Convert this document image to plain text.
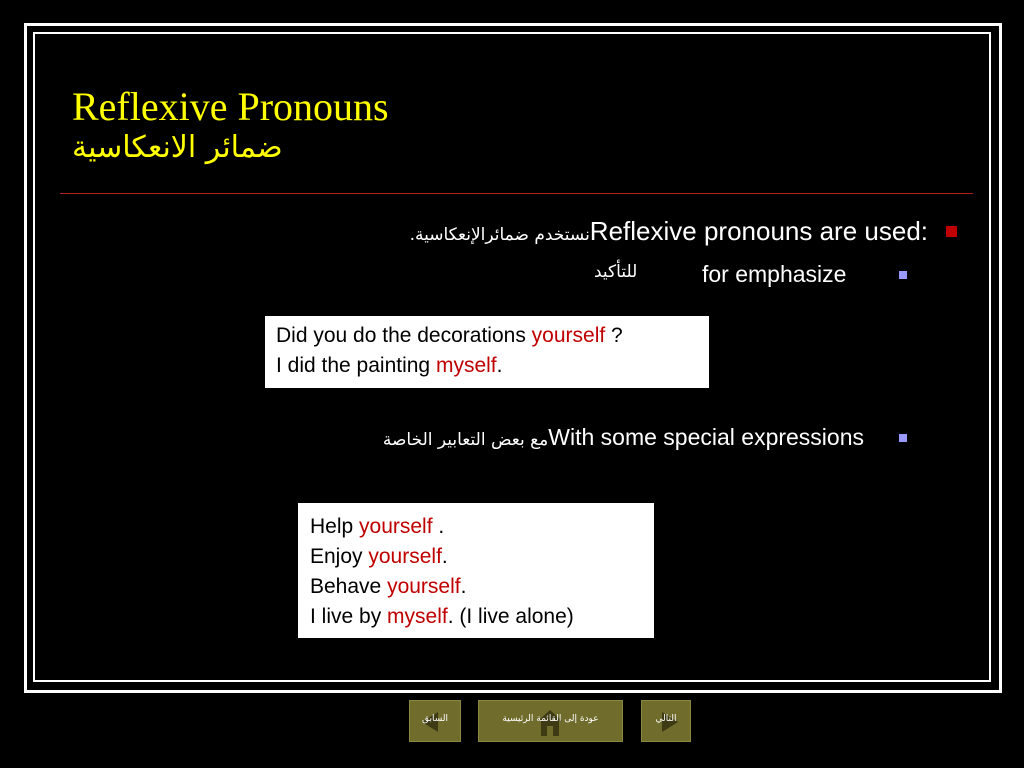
Reflexive Pronouns
ضمائر الانعكاسية
نستخدم ضمائرالإنعكاسية.Reflexive pronouns are used:
for emphasize
للتأكيد
Did you do the decorations yourself ?
I did the painting myself.
مع بعض التعابير الخاصةWith some special expressions
Help yourself .
Enjoy yourself.
Behave yourself.
I live by myself. (I live alone)
السابق	عودة إلى القائمة الرئيسية	التالي
